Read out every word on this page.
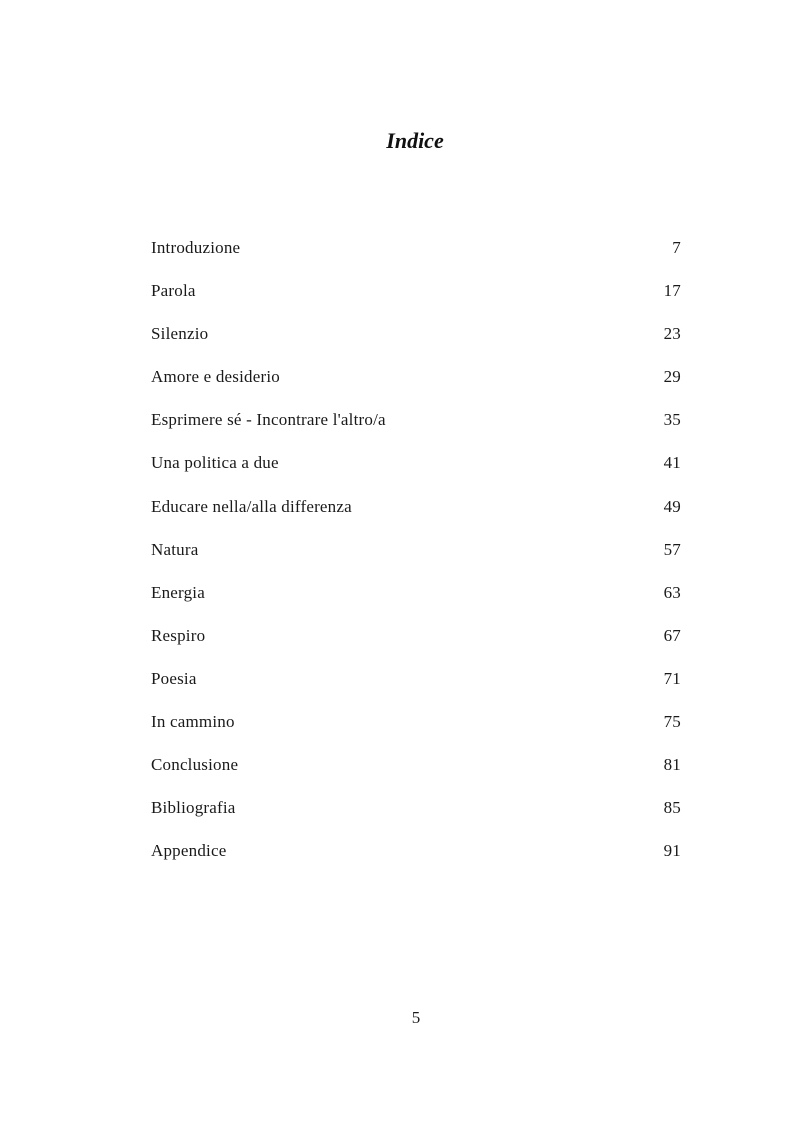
Indice
Introduzione	7
Parola	17
Silenzio	23
Amore e desiderio	29
Esprimere sé - Incontrare l'altro/a	35
Una politica a due	41
Educare nella/alla differenza	49
Natura	57
Energia	63
Respiro	67
Poesia	71
In cammino	75
Conclusione	81
Bibliografia	85
Appendice	91
5
